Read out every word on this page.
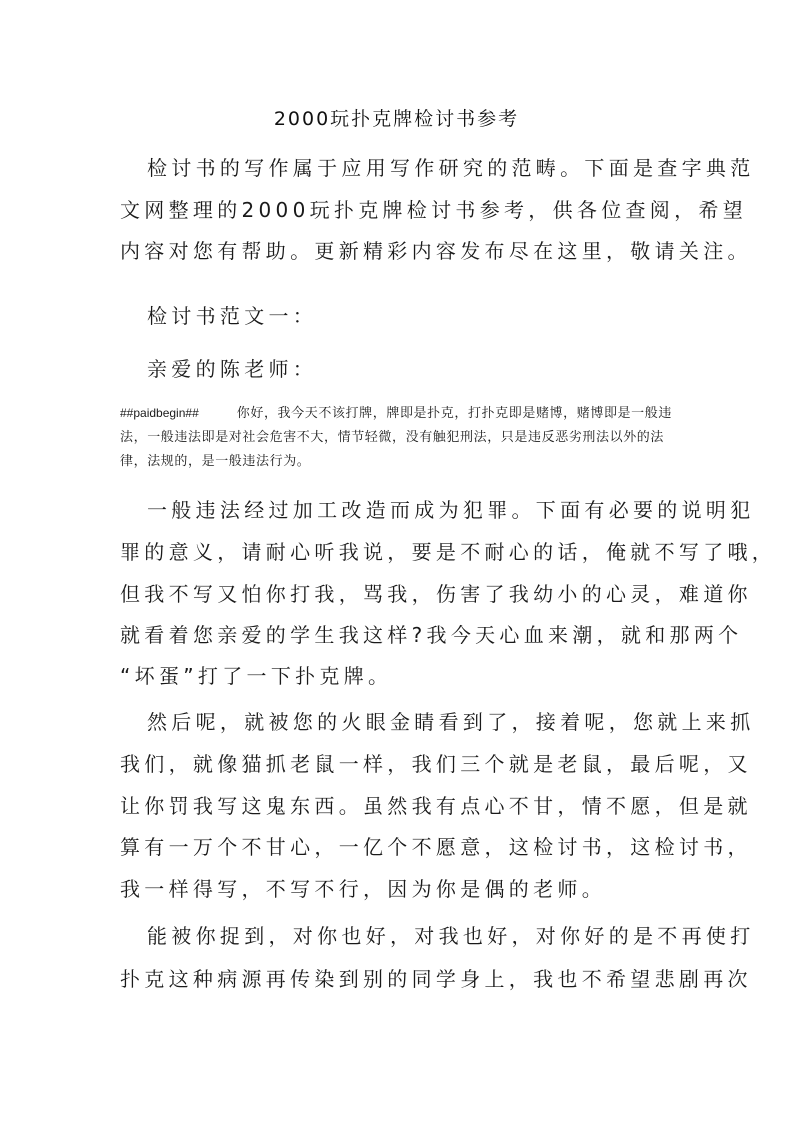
2000玩扑克牌检讨书参考
检讨书的写作属于应用写作研究的范畴。下面是查字典范
文网整理的2000玩扑克牌检讨书参考，供各位查阅，希望
内容对您有帮助。更新精彩内容发布尽在这里，敬请关注。
检讨书范文一：
亲爱的陈老师：
##paidbegin##	你好，我今天不该打牌，牌即是扑克，打扑克即是赌博，赌博即是一般违
法，一般违法即是对社会危害不大，情节轻微，没有触犯刑法，只是违反恶劣刑法以外的法
律，法规的，是一般违法行为。
一般违法经过加工改造而成为犯罪。下面有必要的说明犯
罪的意义，请耐心听我说，要是不耐心的话，俺就不写了哦，
但我不写又怕你打我，骂我，伤害了我幼小的心灵，难道你
就看着您亲爱的学生我这样?我今天心血来潮，就和那两个
“坏蛋”打了一下扑克牌。
然后呢，就被您的火眼金睛看到了，接着呢，您就上来抓
我们，就像猫抓老鼠一样，我们三个就是老鼠，最后呢，又
让你罚我写这鬼东西。虽然我有点心不甘，情不愿，但是就
算有一万个不甘心，一亿个不愿意，这检讨书，这检讨书，
我一样得写，不写不行，因为你是偶的老师。
能被你捉到，对你也好，对我也好，对你好的是不再使打
扑克这种病源再传染到别的同学身上，我也不希望悲剧再次
